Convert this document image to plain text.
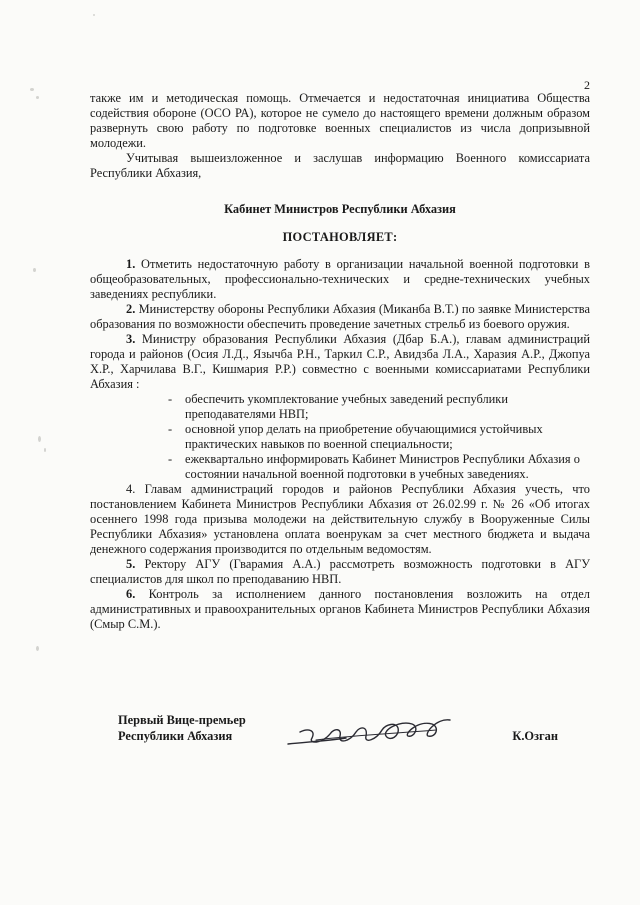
2

также им и методическая помощь. Отмечается и недостаточная инициатива Общества содействия обороне (ОСО РА), которое не сумело до настоящего времени должным образом развернуть свою работу по подготовке военных специалистов из числа допризывной молодежи.

Учитывая вышеизложенное и заслушав информацию Военного комиссариата Республики Абхазия,

Кабинет Министров Республики Абхазия

ПОСТАНОВЛЯЕТ:

1. Отметить недостаточную работу в организации начальной военной подготовки в общеобразовательных, профессионально-технических и средне-технических учебных заведениях республики.

2. Министерству обороны Республики Абхазия (Миканба В.Т.) по заявке Министерства образования по возможности обеспечить проведение зачетных стрельб из боевого оружия.

3. Министру образования Республики Абхазия (Дбар Б.А.), главам администраций города и районов (Осия Л.Д., Язычба Р.Н., Таркил С.Р., Авидзба Л.А., Харазия А.Р., Джопуа Х.Р., Харчилава В.Г., Кишмария Р.Р.) совместно с военными комиссариатами Республики Абхазия :

- обеспечить укомплектование учебных заведений республики преподавателями НВП;
- основной упор делать на приобретение обучающимися устойчивых практических навыков по военной специальности;
- ежеквартально информировать Кабинет Министров Республики Абхазия о состоянии начальной военной подготовки в учебных заведениях.

4. Главам администраций городов и районов Республики Абхазия учесть, что постановлением Кабинета Министров Республики Абхазия от 26.02.99 г. № 26 «Об итогах осеннего 1998 года призыва молодежи на действительную службу в Вооруженные Силы Республики Абхазия» установлена оплата военрукам за счет местного бюджета и выдача денежного содержания производится по отдельным ведомостям.

5. Ректору АГУ (Гварамия А.А.) рассмотреть возможность подготовки в АГУ специалистов для школ по преподаванию НВП.

6. Контроль за исполнением данного постановления возложить на отдел административных и правоохранительных органов Кабинета Министров Республики Абхазия (Смыр С.М.).

Первый Вице-премьер
Республики Абхазия	К.Озган
